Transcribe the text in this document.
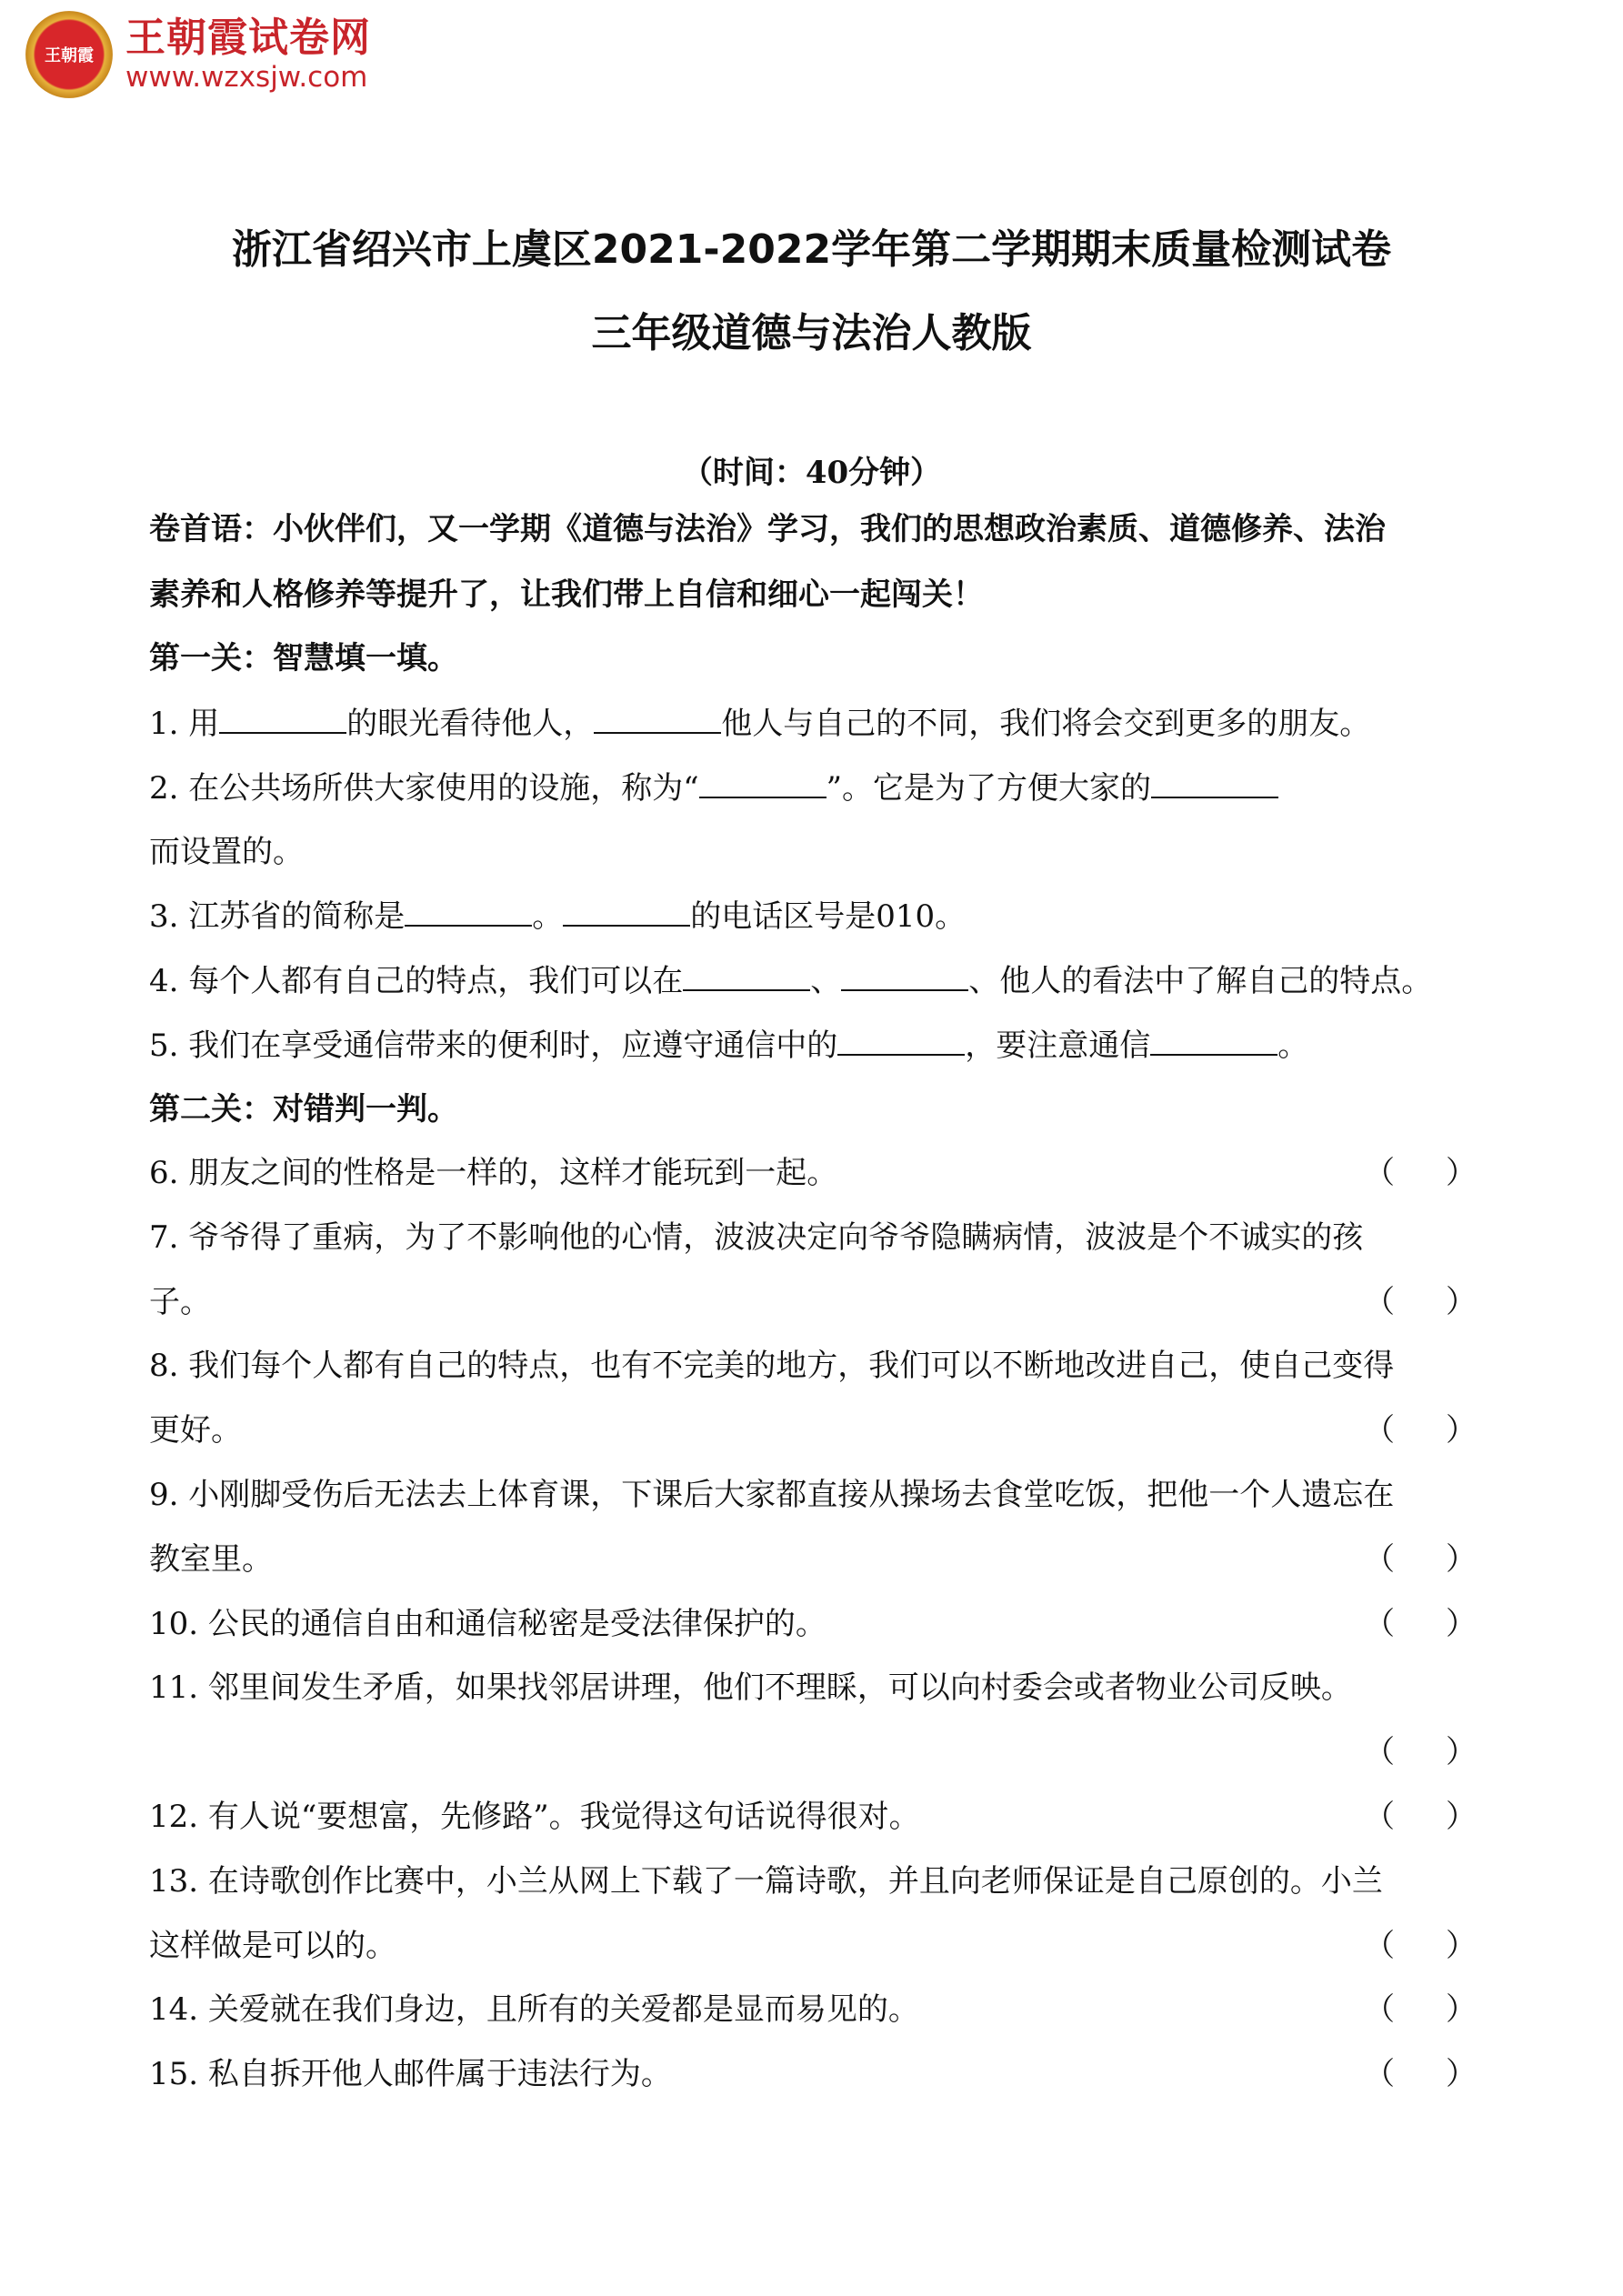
王朝霞 王朝霞试卷网
www.wzxsjw.com
浙江省绍兴市上虞区2021-2022学年第二学期期末质量检测试卷
三年级道德与法治人教版
（时间：40分钟）
卷首语：小伙伴们，又一学期《道德与法治》学习，我们的思想政治素质、道德修养、法治
素养和人格修养等提升了，让我们带上自信和细心一起闯关！
第一关：智慧填一填。
1. 用	的眼光看待他人，	他人与自己的不同，我们将会交到更多的朋友。
2. 在公共场所供大家使用的设施，称为“	”。它是为了方便大家的
而设置的。
3. 江苏省的简称是	。	的电话区号是010。
4. 每个人都有自己的特点，我们可以在	、	、他人的看法中了解自己的特点。
5. 我们在享受通信带来的便利时，应遵守通信中的	，要注意通信	。
第二关：对错判一判。
6. 朋友之间的性格是一样的，这样才能玩到一起。	（ ）
7. 爷爷得了重病，为了不影响他的心情，波波决定向爷爷隐瞒病情，波波是个不诚实的孩
子。	（ ）
8. 我们每个人都有自己的特点，也有不完美的地方，我们可以不断地改进自己，使自己变得
更好。	（ ）
9. 小刚脚受伤后无法去上体育课，下课后大家都直接从操场去食堂吃饭，把他一个人遗忘在
教室里。	（ ）
10. 公民的通信自由和通信秘密是受法律保护的。	（ ）
11. 邻里间发生矛盾，如果找邻居讲理，他们不理睬，可以向村委会或者物业公司反映。
（ ）
12. 有人说“要想富，先修路”。我觉得这句话说得很对。	（ ）
13. 在诗歌创作比赛中，小兰从网上下载了一篇诗歌，并且向老师保证是自己原创的。小兰
这样做是可以的。	（ ）
14. 关爱就在我们身边，且所有的关爱都是显而易见的。	（ ）
15. 私自拆开他人邮件属于违法行为。	（ ）
